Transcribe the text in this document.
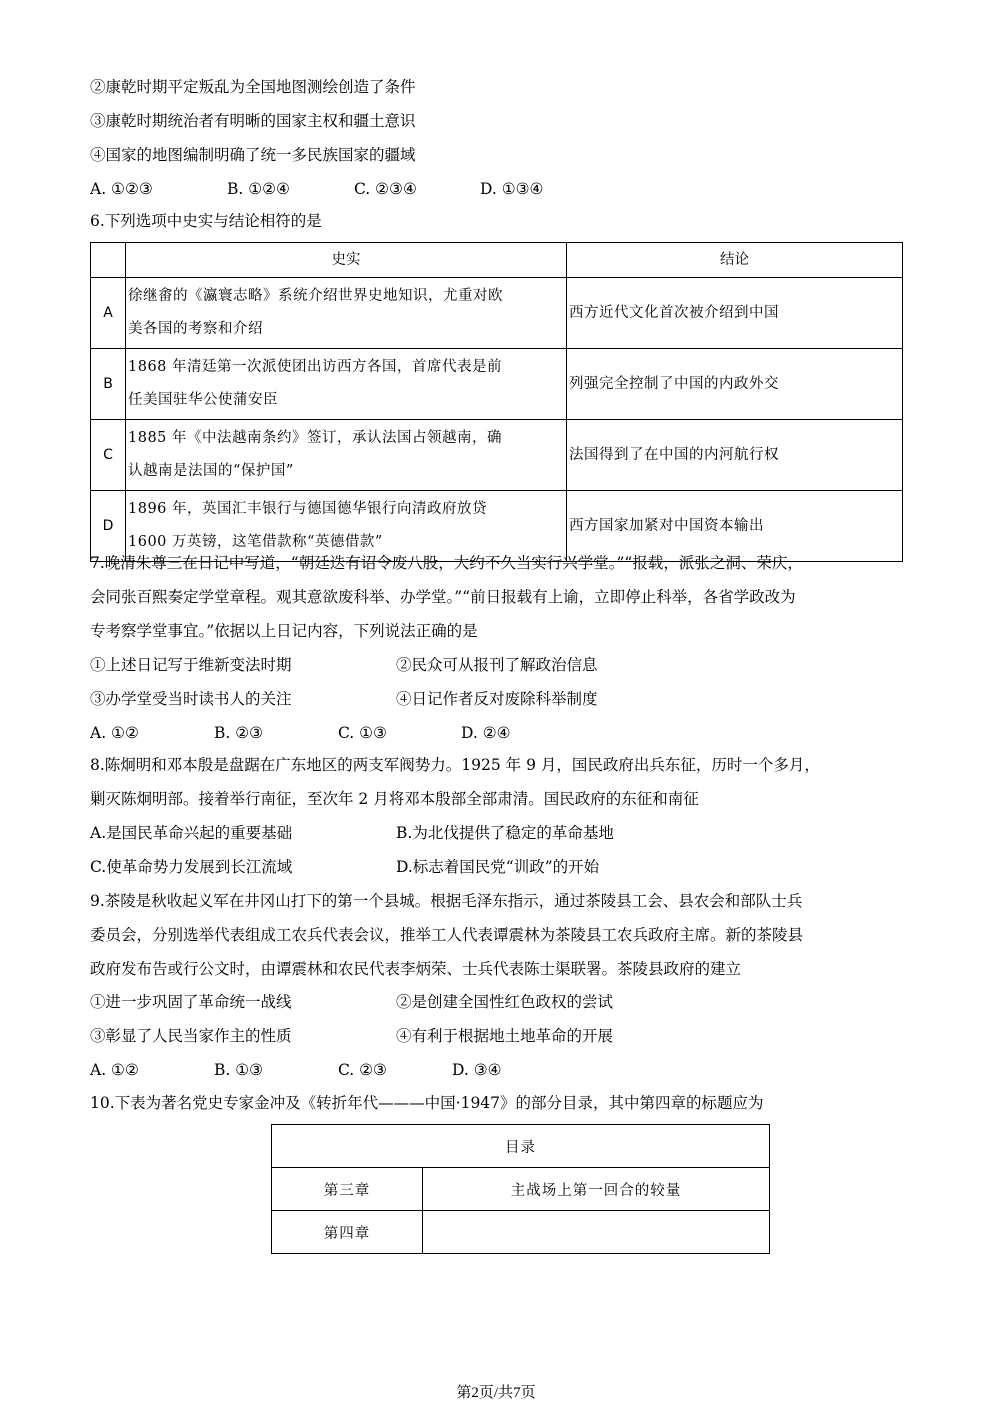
②康乾时期平定叛乱为全国地图测绘创造了条件
③康乾时期统治者有明晰的国家主权和疆土意识
④国家的地图编制明确了统一多民族国家的疆域
A. ①②③	B. ①②④	C. ②③④	D. ①③④
6.下列选项中史实与结论相符的是
	史实	结论
A	徐继畬的《瀛寰志略》系统介绍世界史地知识，尤重对欧
美各国的考察和介绍	西方近代文化首次被介绍到中国
B	1868 年清廷第一次派使团出访西方各国，首席代表是前
任美国驻华公使蒲安臣	列强完全控制了中国的内政外交
C	1885 年《中法越南条约》签订，承认法国占领越南，确
认越南是法国的“保护国”	法国得到了在中国的内河航行权
D	1896 年，英国汇丰银行与德国德华银行向清政府放贷
1600 万英镑，这笔借款称“英德借款”	西方国家加紧对中国资本输出
7.晚清朱尊三在日记中写道，“朝廷迭有诏令废八股，大约不久当实行兴学堂。”“报载，派张之洞、荣庆，
会同张百熙奏定学堂章程。观其意欲废科举、办学堂。”“前日报载有上谕，立即停止科举，各省学政改为
专考察学堂事宜。”依据以上日记内容，下列说法正确的是
①上述日记写于维新变法时期	②民众可从报刊了解政治信息
③办学堂受当时读书人的关注	④日记作者反对废除科举制度
A. ①②	B. ②③	C. ①③	D. ②④
8.陈炯明和邓本殷是盘踞在广东地区的两支军阀势力。1925 年 9 月，国民政府出兵东征，历时一个多月，
剿灭陈炯明部。接着举行南征，至次年 2 月将邓本殷部全部肃清。国民政府的东征和南征
A.是国民革命兴起的重要基础	B.为北伐提供了稳定的革命基地
C.使革命势力发展到长江流域	D.标志着国民党“训政”的开始
9.茶陵是秋收起义军在井冈山打下的第一个县城。根据毛泽东指示，通过茶陵县工会、县农会和部队士兵
委员会，分别选举代表组成工农兵代表会议，推举工人代表谭震林为茶陵县工农兵政府主席。新的茶陵县
政府发布告或行公文时，由谭震林和农民代表李炳荣、士兵代表陈士渠联署。茶陵县政府的建立
①进一步巩固了革命统一战线	②是创建全国性红色政权的尝试
③彰显了人民当家作主的性质	④有利于根据地土地革命的开展
A. ①②	B. ①③	C. ②③	D. ③④
10.下表为著名党史专家金冲及《转折年代———中国·1947》的部分目录，其中第四章的标题应为
目录	
第三章	主战场上第一回合的较量
第四章	
第2页/共7页
